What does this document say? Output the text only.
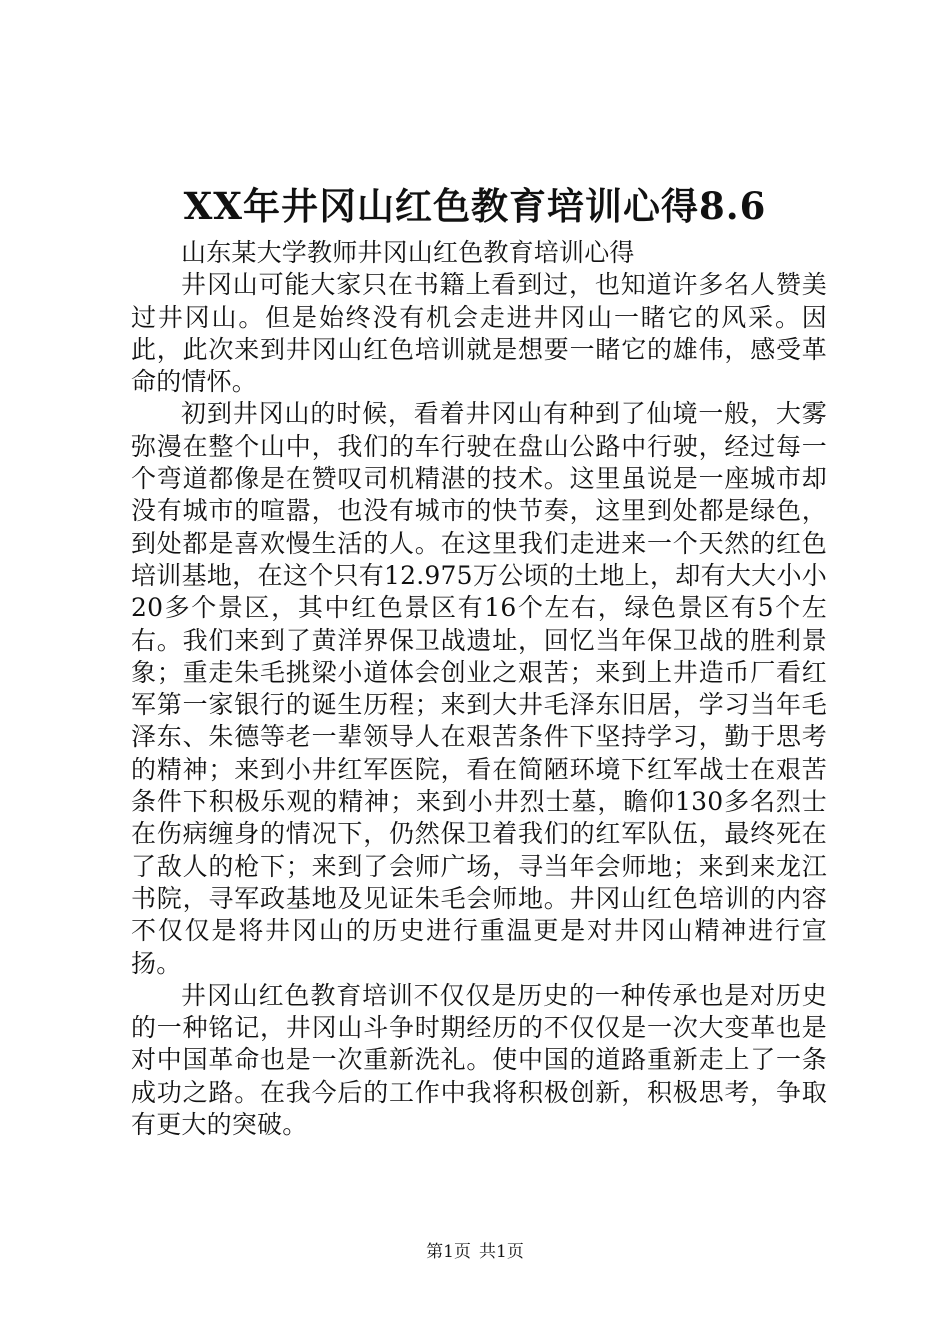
XX年井冈山红色教育培训心得8.6

山东某大学教师井冈山红色教育培训心得

井冈山可能大家只在书籍上看到过，也知道许多名人赞美过井冈山。但是始终没有机会走进井冈山一睹它的风采。因此，此次来到井冈山红色培训就是想要一睹它的雄伟，感受革命的情怀。

初到井冈山的时候，看着井冈山有种到了仙境一般，大雾弥漫在整个山中，我们的车行驶在盘山公路中行驶，经过每一个弯道都像是在赞叹司机精湛的技术。这里虽说是一座城市却没有城市的喧嚣，也没有城市的快节奏，这里到处都是绿色，到处都是喜欢慢生活的人。在这里我们走进来一个天然的红色培训基地，在这个只有12.975万公顷的土地上，却有大大小小20多个景区，其中红色景区有16个左右，绿色景区有5个左右。我们来到了黄洋界保卫战遗址，回忆当年保卫战的胜利景象；重走朱毛挑梁小道体会创业之艰苦；来到上井造币厂看红军第一家银行的诞生历程；来到大井毛泽东旧居，学习当年毛泽东、朱德等老一辈领导人在艰苦条件下坚持学习，勤于思考的精神；来到小井红军医院，看在简陋环境下红军战士在艰苦条件下积极乐观的精神；来到小井烈士墓，瞻仰130多名烈士在伤病缠身的情况下，仍然保卫着我们的红军队伍，最终死在了敌人的枪下；来到了会师广场，寻当年会师地；来到来龙江书院，寻军政基地及见证朱毛会师地。井冈山红色培训的内容不仅仅是将井冈山的历史进行重温更是对井冈山精神进行宣扬。

井冈山红色教育培训不仅仅是历史的一种传承也是对历史的一种铭记，井冈山斗争时期经历的不仅仅是一次大变革也是对中国革命也是一次重新洗礼。使中国的道路重新走上了一条成功之路。在我今后的工作中我将积极创新，积极思考，争取有更大的突破。

第1页 共1页
